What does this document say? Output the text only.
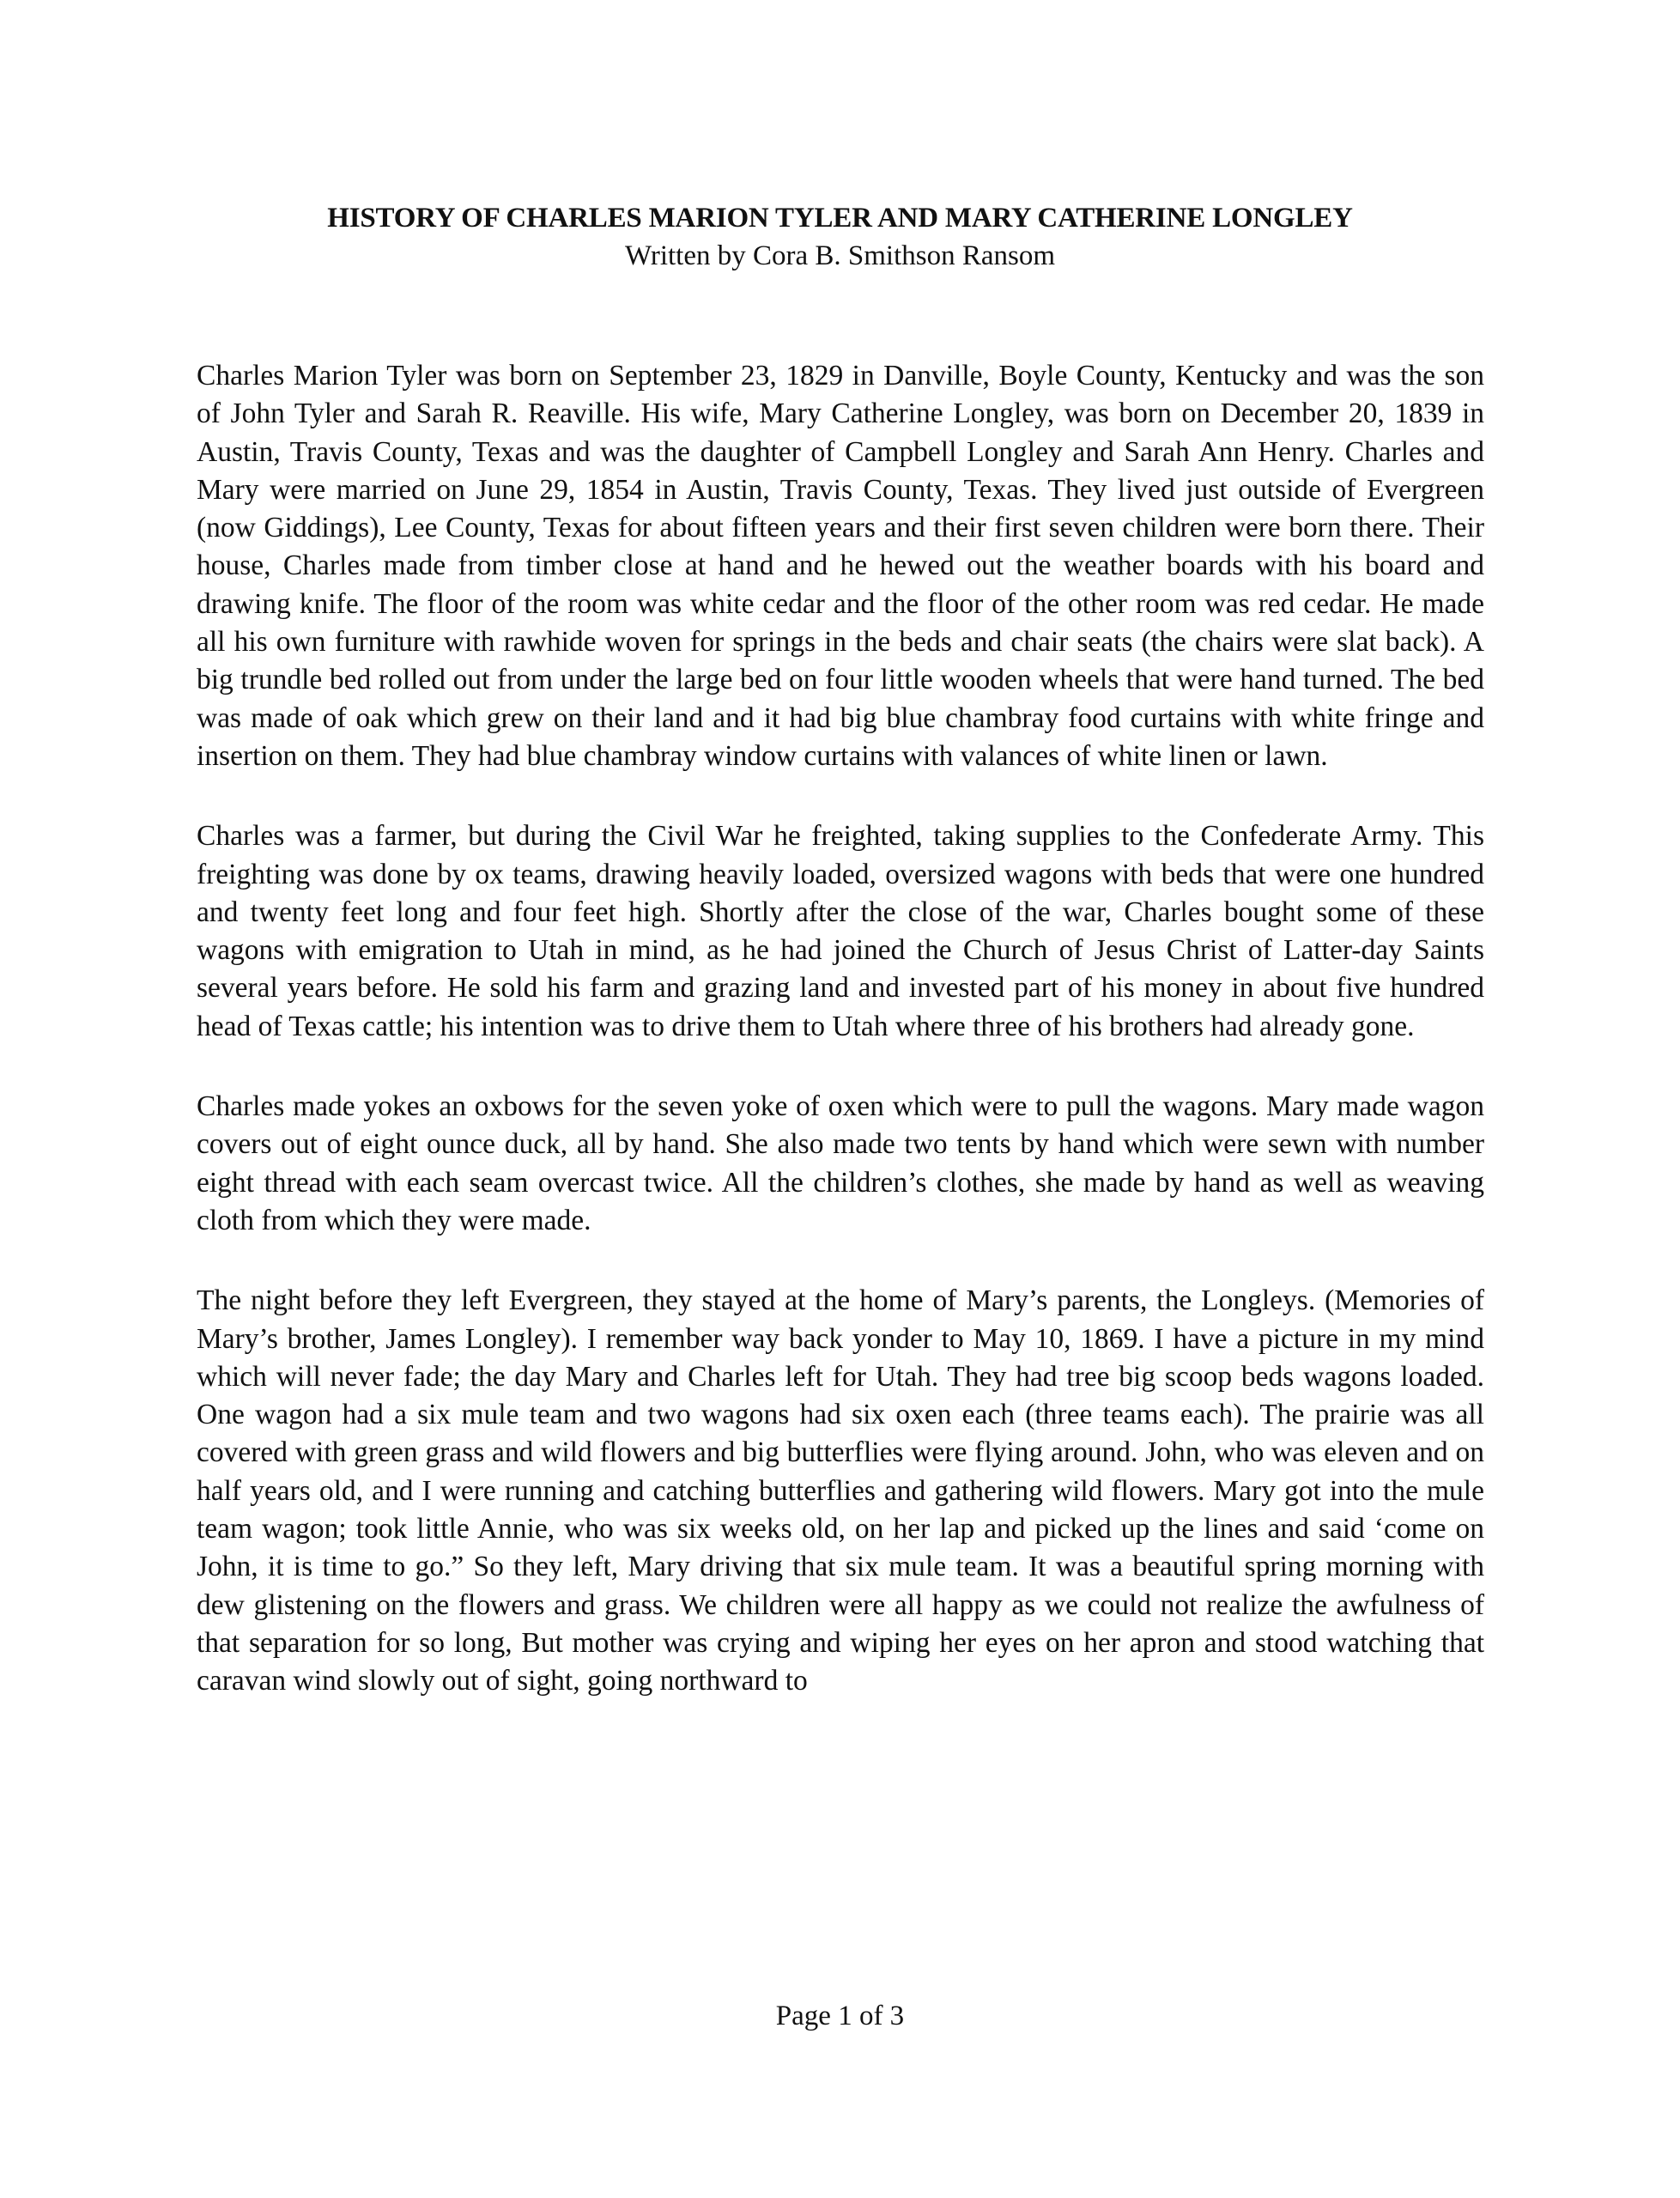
HISTORY OF CHARLES MARION TYLER AND MARY CATHERINE LONGLEY

Written by Cora B. Smithson Ransom

Charles Marion Tyler was born on September 23, 1829 in Danville, Boyle County, Kentucky and was the son of John Tyler and Sarah R. Reaville. His wife, Mary Catherine Longley, was born on December 20, 1839 in Austin, Travis County, Texas and was the daughter of Campbell Longley and Sarah Ann Henry. Charles and Mary were married on June 29, 1854 in Austin, Travis County, Texas. They lived just outside of Evergreen (now Giddings), Lee County, Texas for about fifteen years and their first seven children were born there. Their house, Charles made from timber close at hand and he hewed out the weather boards with his board and drawing knife. The floor of the room was white cedar and the floor of the other room was red cedar. He made all his own furniture with rawhide woven for springs in the beds and chair seats (the chairs were slat back). A big trundle bed rolled out from under the large bed on four little wooden wheels that were hand turned. The bed was made of oak which grew on their land and it had big blue chambray food curtains with white fringe and insertion on them. They had blue chambray window curtains with valances of white linen or lawn.

Charles was a farmer, but during the Civil War he freighted, taking supplies to the Confederate Army. This freighting was done by ox teams, drawing heavily loaded, oversized wagons with beds that were one hundred and twenty feet long and four feet high. Shortly after the close of the war, Charles bought some of these wagons with emigration to Utah in mind, as he had joined the Church of Jesus Christ of Latter-day Saints several years before. He sold his farm and grazing land and invested part of his money in about five hundred head of Texas cattle; his intention was to drive them to Utah where three of his brothers had already gone.

Charles made yokes an oxbows for the seven yoke of oxen which were to pull the wagons. Mary made wagon covers out of eight ounce duck, all by hand. She also made two tents by hand which were sewn with number eight thread with each seam overcast twice. All the children’s clothes, she made by hand as well as weaving cloth from which they were made.

The night before they left Evergreen, they stayed at the home of Mary’s parents, the Longleys. (Memories of Mary’s brother, James Longley). I remember way back yonder to May 10, 1869. I have a picture in my mind which will never fade; the day Mary and Charles left for Utah. They had tree big scoop beds wagons loaded. One wagon had a six mule team and two wagons had six oxen each (three teams each). The prairie was all covered with green grass and wild flowers and big butterflies were flying around. John, who was eleven and on half years old, and I were running and catching butterflies and gathering wild flowers. Mary got into the mule team wagon; took little Annie, who was six weeks old, on her lap and picked up the lines and said ‘come on John, it is time to go.” So they left, Mary driving that six mule team. It was a beautiful spring morning with dew glistening on the flowers and grass. We children were all happy as we could not realize the awfulness of that separation for so long, But mother was crying and wiping her eyes on her apron and stood watching that caravan wind slowly out of sight, going northward to

Page 1 of 3
